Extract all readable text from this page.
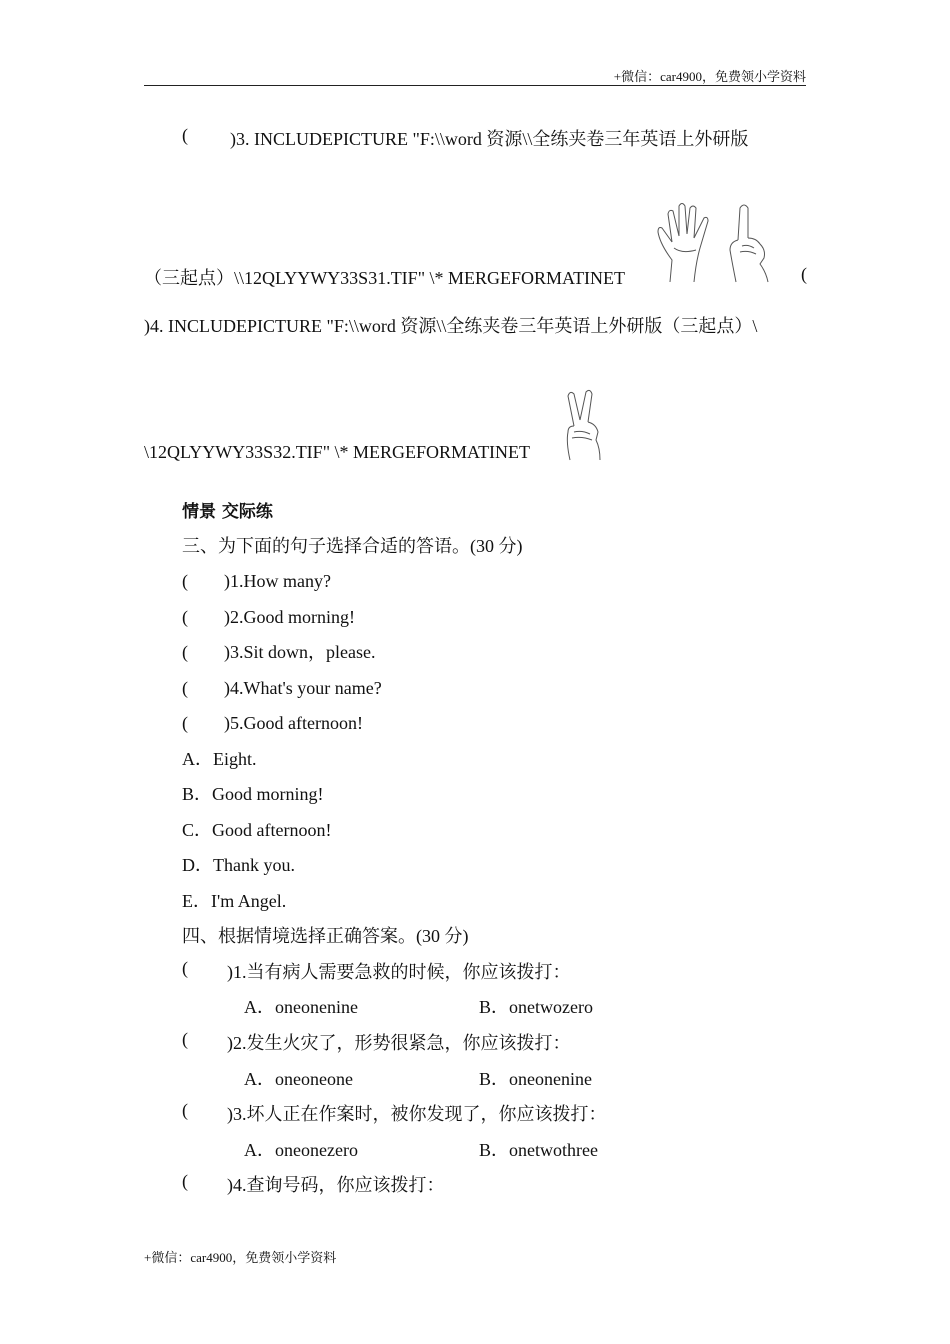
+微信：car4900，免费领小学资料
( )3. INCLUDEPICTURE "F:\\word 资源\\全练夹卷三年英语上外研版
（三起点）\\12QLYYWY33S31.TIF" \* MERGEFORMATINET	(
)4. INCLUDEPICTURE "F:\\word 资源\\全练夹卷三年英语上外研版（三起点）\
\12QLYYWY33S32.TIF" \* MERGEFORMATINET
情景 交际练
三、为下面的句子选择合适的答语。(30 分)
(　　)1.How many?
(　　)2.Good morning!
(　　)3.Sit down，please.
(　　)4.What's your name?
(　　)5.Good afternoon!
A．Eight.
B．Good morning!
C．Good afternoon!
D．Thank you.
E．I'm Angel.
四、根据情境选择正确答案。(30 分)
( )1.当有病人需要急救的时候，你应该拨打：
A．oneonenine	B．onetwozero
( )2.发生火灾了，形势很紧急，你应该拨打：
A．oneoneone	B．oneonenine
( )3.坏人正在作案时，被你发现了，你应该拨打：
A．oneonezero	B．onetwothree
( )4.查询号码，你应该拨打：
+微信：car4900，免费领小学资料
